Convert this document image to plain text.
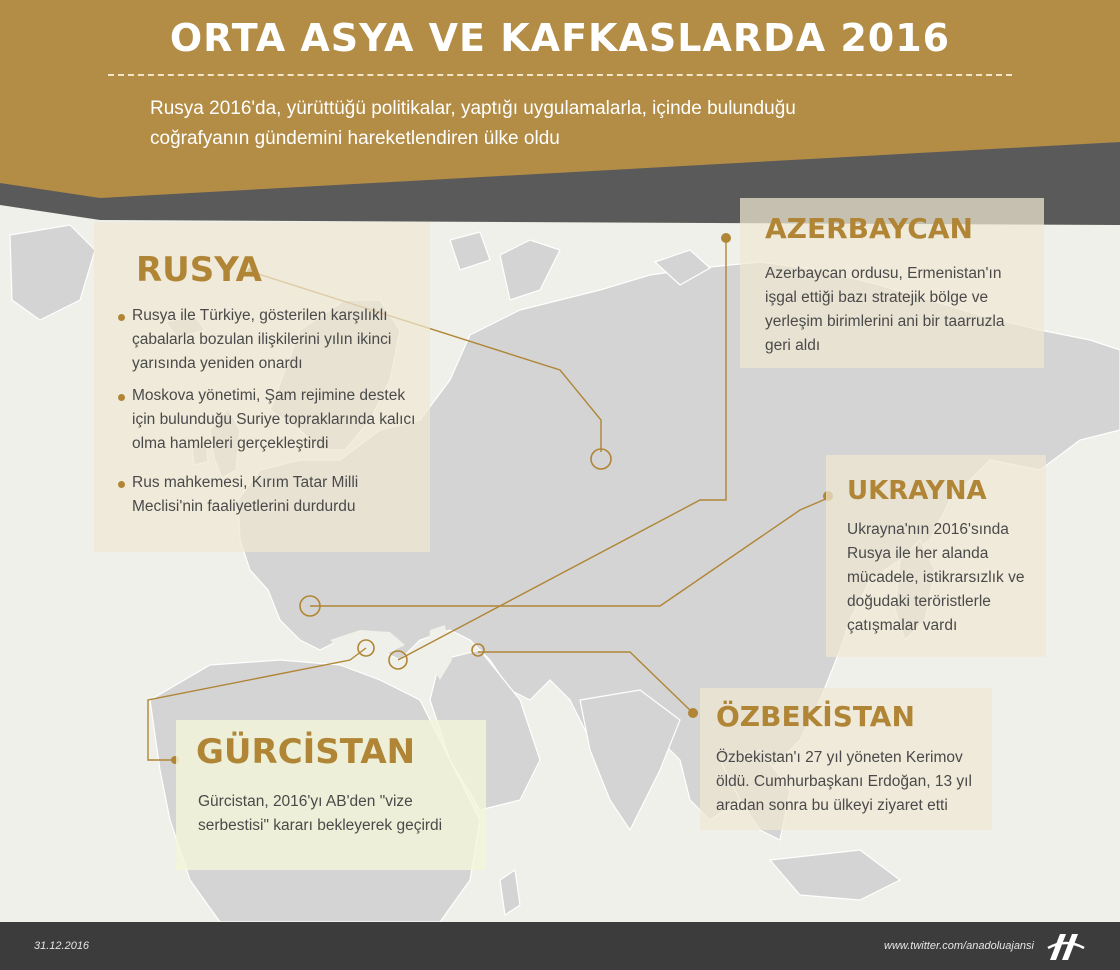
ORTA ASYA VE KAFKASLARDA 2016
Rusya 2016'da, yürüttüğü politikalar, yaptığı uygulamalarla, içinde bulunduğu
coğrafyanın gündemini hareketlendiren ülke oldu
RUSYA
Rusya ile Türkiye, gösterilen karşılıklı çabalarla bozulan ilişkilerini yılın ikinci yarısında yeniden onardı
Moskova yönetimi, Şam rejimine destek için bulunduğu Suriye topraklarında kalıcı olma hamleleri gerçekleştirdi
Rus mahkemesi, Kırım Tatar Milli Meclisi'nin faaliyetlerini durdurdu
AZERBAYCAN
Azerbaycan ordusu, Ermenistan'ın işgal ettiği bazı stratejik bölge ve yerleşim birimlerini ani bir taarruzla geri aldı
UKRAYNA
Ukrayna'nın 2016'sında Rusya ile her alanda mücadele, istikrarsızlık ve doğudaki teröristlerle çatışmalar vardı
ÖZBEKİSTAN
Özbekistan'ı 27 yıl yöneten Kerimov öldü. Cumhurbaşkanı Erdoğan, 13 yıl aradan sonra bu ülkeyi ziyaret etti
GÜRCİSTAN
Gürcistan, 2016'yı AB'den "vize serbestisi" kararı bekleyerek geçirdi
31.12.2016	www.twitter.com/anadoluajansi
